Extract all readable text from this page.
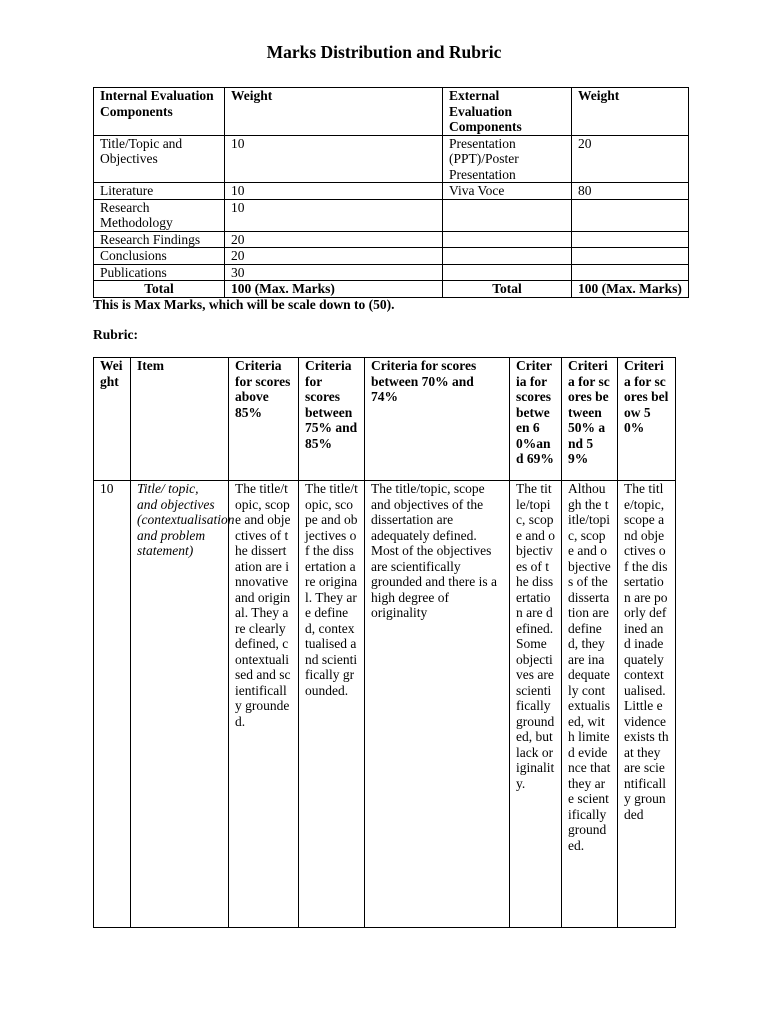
Marks Distribution and Rubric
Internal Evaluation Components	Weight	External Evaluation Components	Weight
Title/Topic and Objectives	10	Presentation (PPT)/Poster Presentation	20
Literature	10	Viva Voce	80
Research Methodology	10		
Research Findings	20		
Conclusions	20		
Publications	30		
Total	100 (Max. Marks)	Total	100 (Max. Marks)
This is Max Marks, which will be scale down to (50).
Rubric:
Weight	Item	Criteria for scores above 85%	Criteria for scores between 75% and 85%	Criteria for scores between 70% and 74%	Criteria for scores between 60%and 69%	Criteria for scores between 50% and 59%	Criteria for scores below 50%
10	Title/ topic, and objectives (contextualisation and problem statement)	The title/topic, scope and objectives of the dissertation are innovative and original. They are clearly defined, contextualised and scientifically grounded.	The title/topic, scope and objectives of the dissertation are original. They are defined, contextualised and scientifically grounded.	The title/topic, scope and objectives of the dissertation are adequately defined. Most of the objectives are scientifically grounded and there is a high degree of originality	The title/topic, scope and objectives of the dissertation are defined. Some objectives are scientifically grounded, but lack originality.	Although the title/topic, scope and objectives of the dissertation are defined, they are inadequately contextualised, with limited evidence that they are scientifically grounded.	The title/topic, scope and objectives of the dissertation are poorly defined and inadequately contextualised. Little evidence exists that they are scientifically grounded
